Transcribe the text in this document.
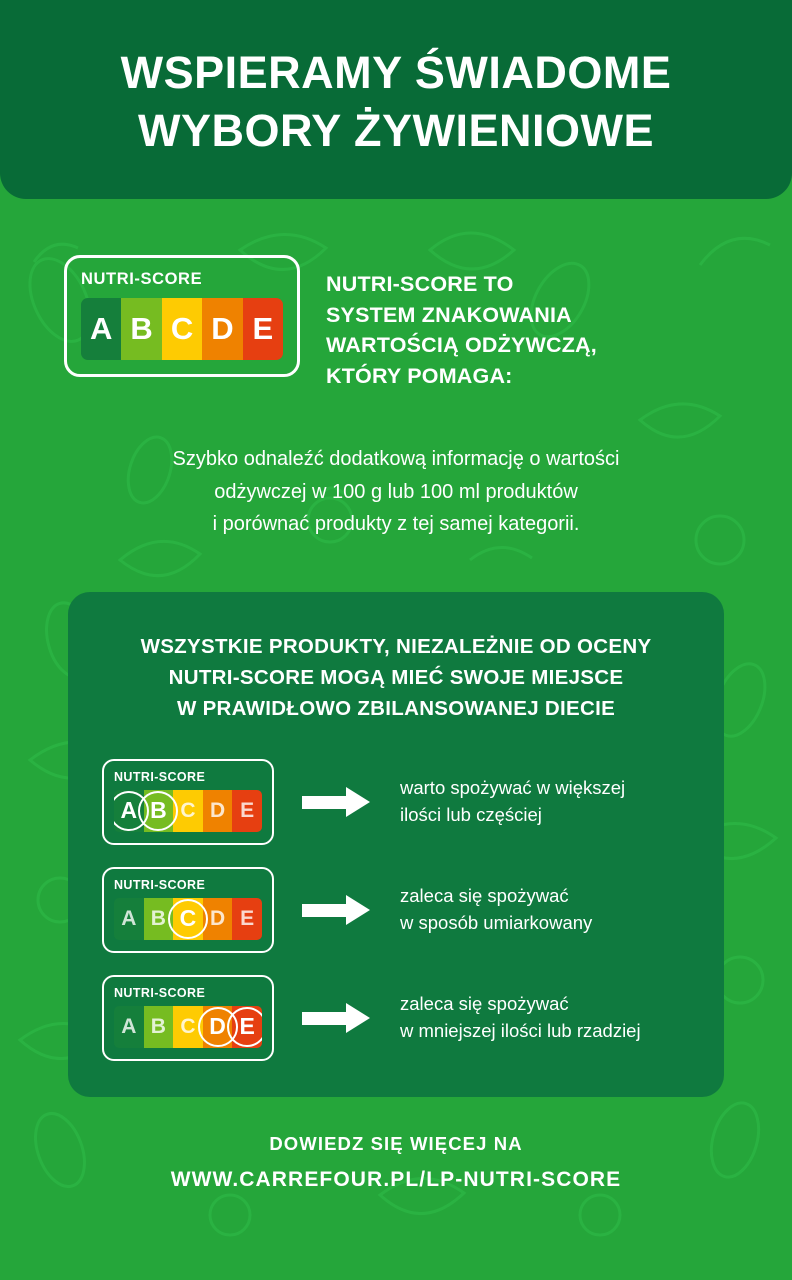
WSPIERAMY ŚWIADOME
WYBORY ŻYWIENIOWE
NUTRI-SCORE
A B C D E
NUTRI-SCORE TO
SYSTEM ZNAKOWANIA
WARTOŚCIĄ ODŻYWCZĄ,
KTÓRY POMAGA:
Szybko odnaleźć dodatkową informację o wartości
odżywczej w 100 g lub 100 ml produktów
i porównać produkty z tej samej kategorii.
WSZYSTKIE PRODUKTY, NIEZALEŻNIE OD OCENY
NUTRI-SCORE MOGĄ MIEĆ SWOJE MIEJSCE
W PRAWIDŁOWO ZBILANSOWANEJ DIECIE
NUTRI-SCORE
A B C D E
warto spożywać w większej
ilości lub częściej
NUTRI-SCORE
A B C D E
zaleca się spożywać
w sposób umiarkowany
NUTRI-SCORE
A B C D E
zaleca się spożywać
w mniejszej ilości lub rzadziej
DOWIEDZ SIĘ WIĘCEJ NA
WWW.CARREFOUR.PL/LP-NUTRI-SCORE
